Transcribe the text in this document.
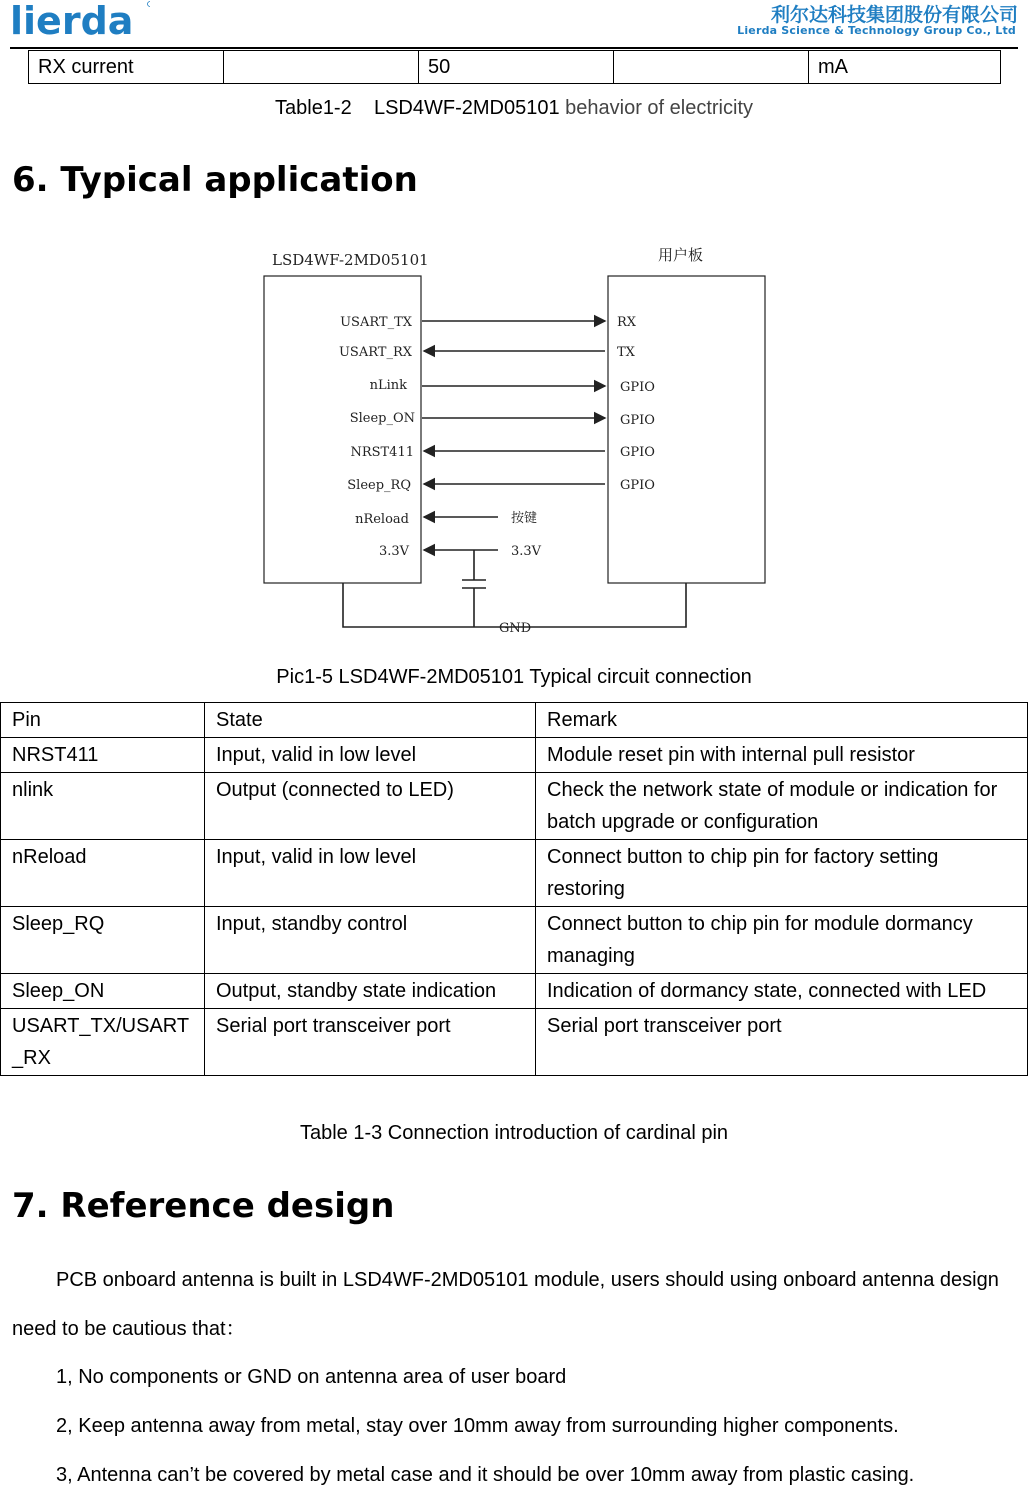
lierda	利尔达科技集团股份有限公司
Lierda Science & Technology Group Co., Ltd
RX current		50		mA
Table1-2    LSD4WF-2MD05101 behavior of electricity
6. Typical application
LSD4WF-2MD05101	用户板
USART_TX
USART_RX
nLink
Sleep_ON
NRST411
Sleep_RQ
nReload
3.3V
RX
TX
GPIO
GPIO
GPIO
GPIO
按键
3.3V
GND
Pic1-5 LSD4WF-2MD05101 Typical circuit connection
Pin	State	Remark
NRST411	Input, valid in low level	Module reset pin with internal pull resistor
nlink	Output (connected to LED)	Check the network state of module or indication for batch upgrade or configuration
nReload	Input, valid in low level	Connect button to chip pin for factory setting restoring
Sleep_RQ	Input, standby control	Connect button to chip pin for module dormancy managing
Sleep_ON	Output, standby state indication	Indication of dormancy state, connected with LED
USART_TX/USART_RX	Serial port transceiver port	Serial port transceiver port
Table 1-3 Connection introduction of cardinal pin
7. Reference design
PCB onboard antenna is built in LSD4WF-2MD05101 module, users should using onboard antenna design need to be cautious that：
1, No components or GND on antenna area of user board
2, Keep antenna away from metal, stay over 10mm away from surrounding higher components.
3, Antenna can’t be covered by metal case and it should be over 10mm away from plastic casing.
